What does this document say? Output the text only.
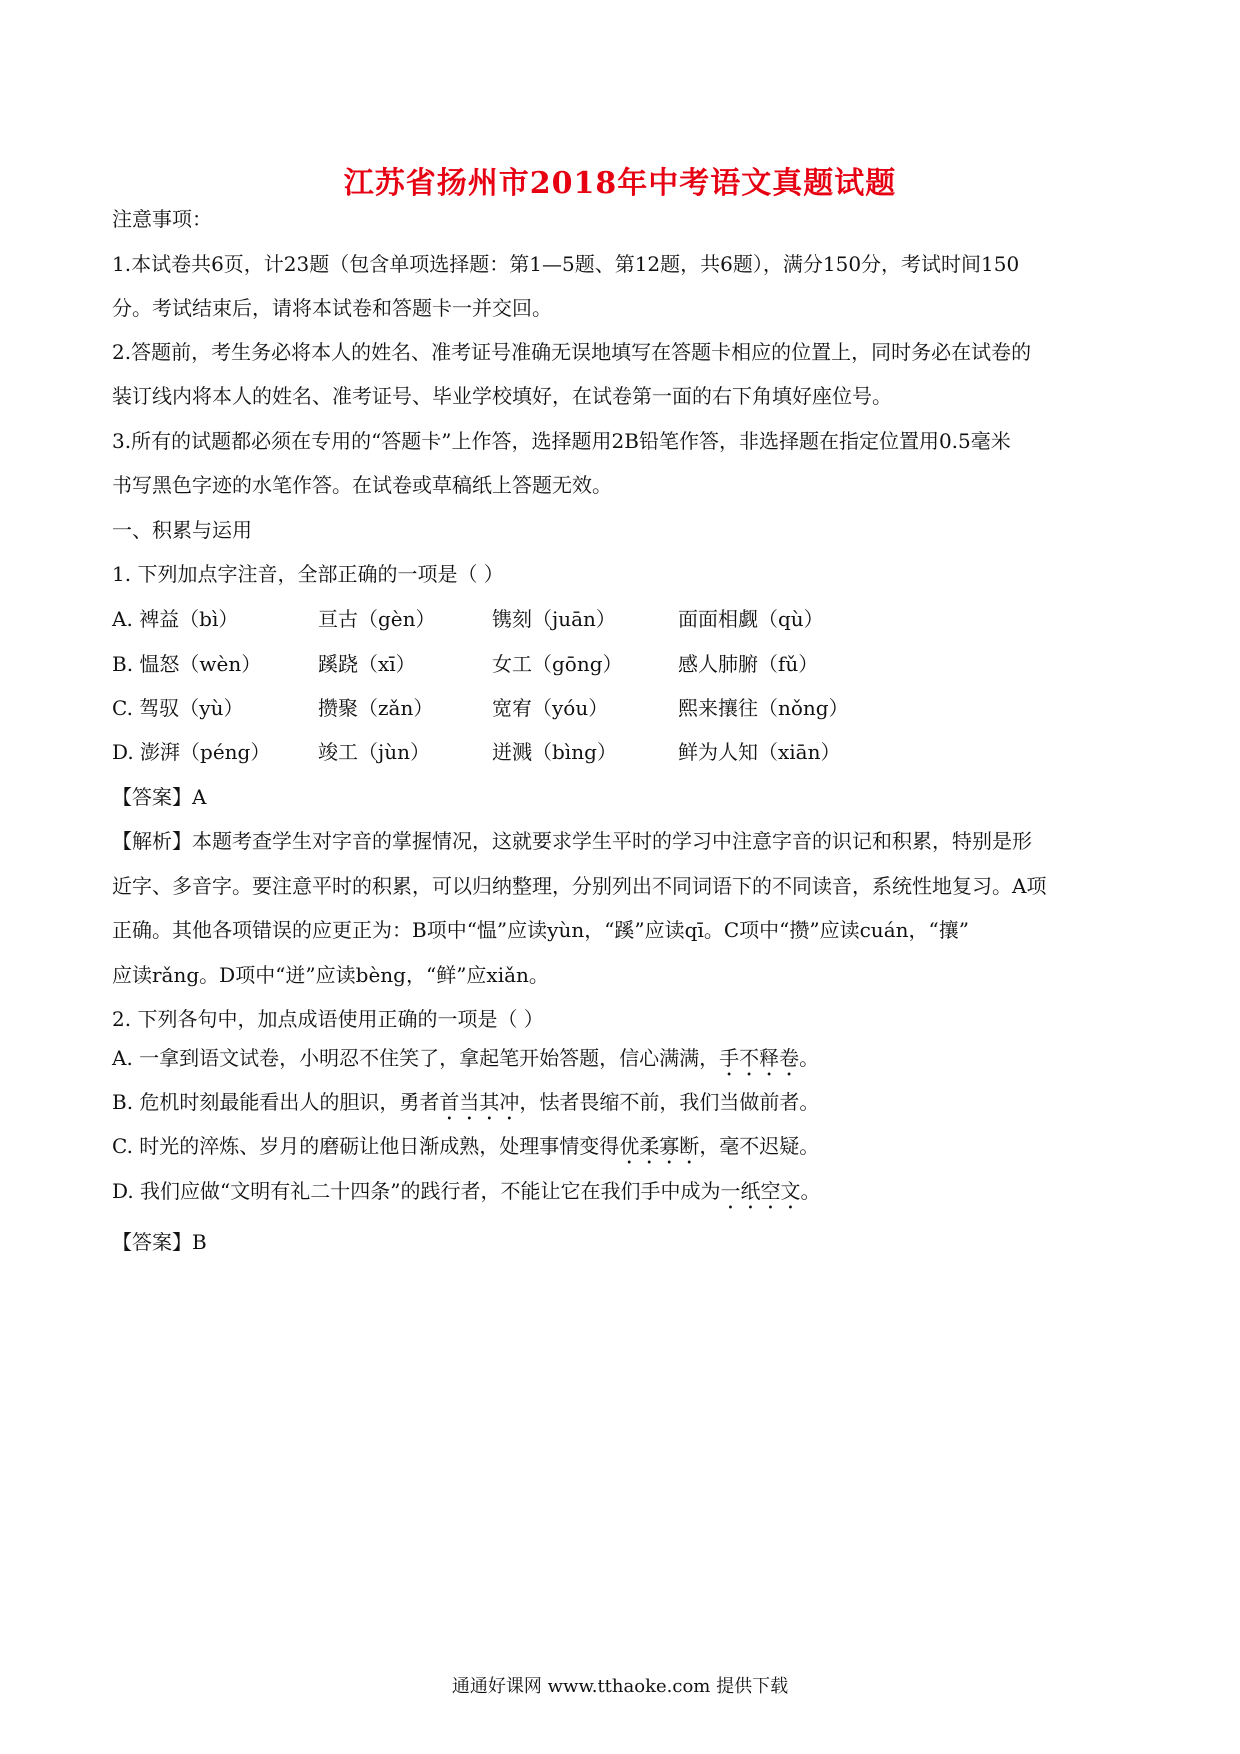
江苏省扬州市2018年中考语文真题试题
注意事项：
1.本试卷共6页，计23题（包含单项选择题：第1—5题、第12题，共6题），满分150分，考试时间150
分。考试结束后，请将本试卷和答题卡一并交回。
2.答题前，考生务必将本人的姓名、准考证号准确无误地填写在答题卡相应的位置上，同时务必在试卷的
装订线内将本人的姓名、准考证号、毕业学校填好，在试卷第一面的右下角填好座位号。
3.所有的试题都必须在专用的“答题卡”上作答，选择题用2B铅笔作答，非选择题在指定位置用0.5毫米
书写黑色字迹的水笔作答。在试卷或草稿纸上答题无效。
一、积累与运用
1. 下列加点字注音，全部正确的一项是（ ）
A. 裨益（bì）	亘古（gèn）	镌刻（juān）	面面相觑（qù）
B. 愠怒（wèn）	蹊跷（xī）	女工（gōng）	感人肺腑（fǔ）
C. 驾驭（yù）	攒聚（zǎn）	宽宥（yóu）	熙来攘往（nǒng）
D. 澎湃（péng） 竣工（jùn）	迸溅（bìng）	鲜为人知（xiān）
【答案】A
【解析】本题考查学生对字音的掌握情况，这就要求学生平时的学习中注意字音的识记和积累，特别是形
近字、多音字。要注意平时的积累，可以归纳整理，分别列出不同词语下的不同读音，系统性地复习。A项
正确。其他各项错误的应更正为：B项中“愠”应读yùn，“蹊”应读qī。C项中“攒”应读cuán，“攘”
应读rǎng。D项中“迸”应读bèng，“鲜”应xiǎn。
2. 下列各句中，加点成语使用正确的一项是（ ）
A. 一拿到语文试卷，小明忍不住笑了，拿起笔开始答题，信心满满，手不释卷。
B. 危机时刻最能看出人的胆识，勇者首当其冲，怯者畏缩不前，我们当做前者。
C. 时光的淬炼、岁月的磨砺让他日渐成熟，处理事情变得优柔寡断，毫不迟疑。
D. 我们应做“文明有礼二十四条”的践行者，不能让它在我们手中成为一纸空文。
【答案】B
通通好课网 www.tthaoke.com 提供下载
